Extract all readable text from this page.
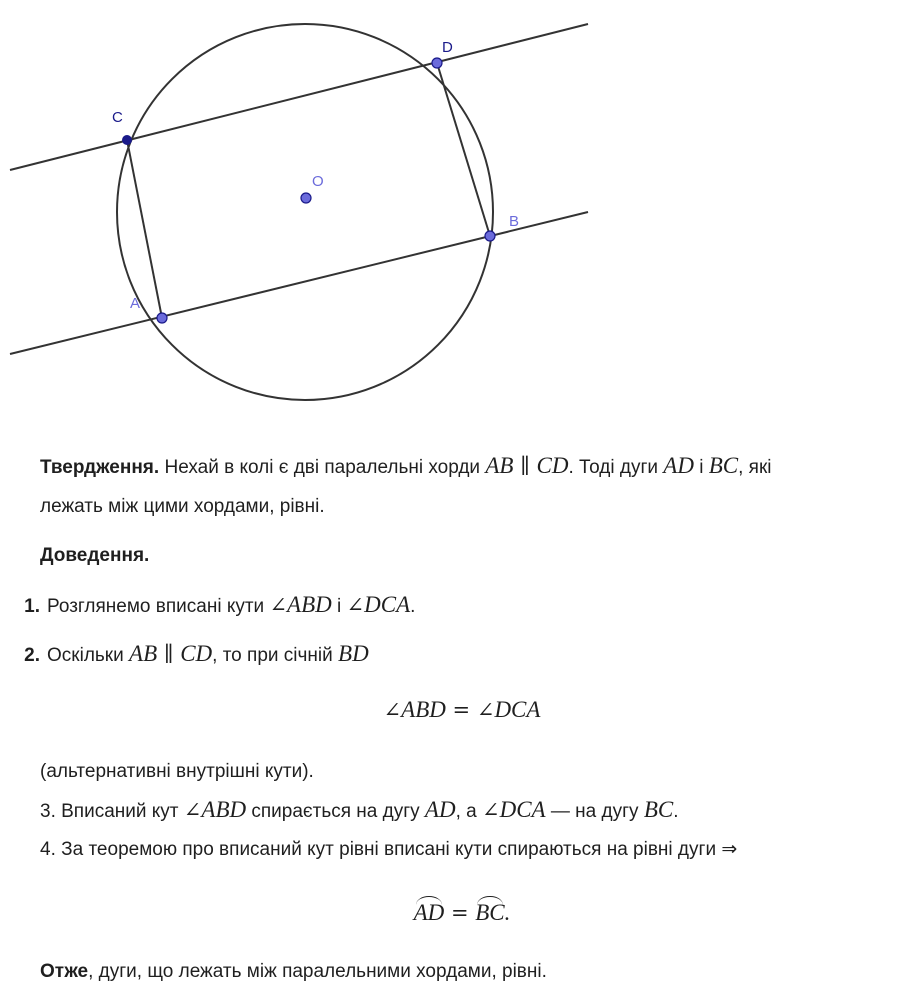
C
D
O
B
A
Твердження. Нехай в колі є дві паралельні хорди AB ∥ CD. Тоді дуги AD і BC, які
лежать між цими хордами, рівні.
Доведення.
1. Розглянемо вписані кути ∠ABD і ∠DCA.
2. Оскільки AB ∥ CD, то при січній BD
∠ABD = ∠DCA
(альтернативні внутрішні кути).
3. Вписаний кут ∠ABD спирається на дугу AD, а ∠DCA — на дугу BC.
4. За теоремою про вписаний кут рівні вписані кути спираються на рівні дуги ⇒
AD = BC.
Отже, дуги, що лежать між паралельними хордами, рівні.
